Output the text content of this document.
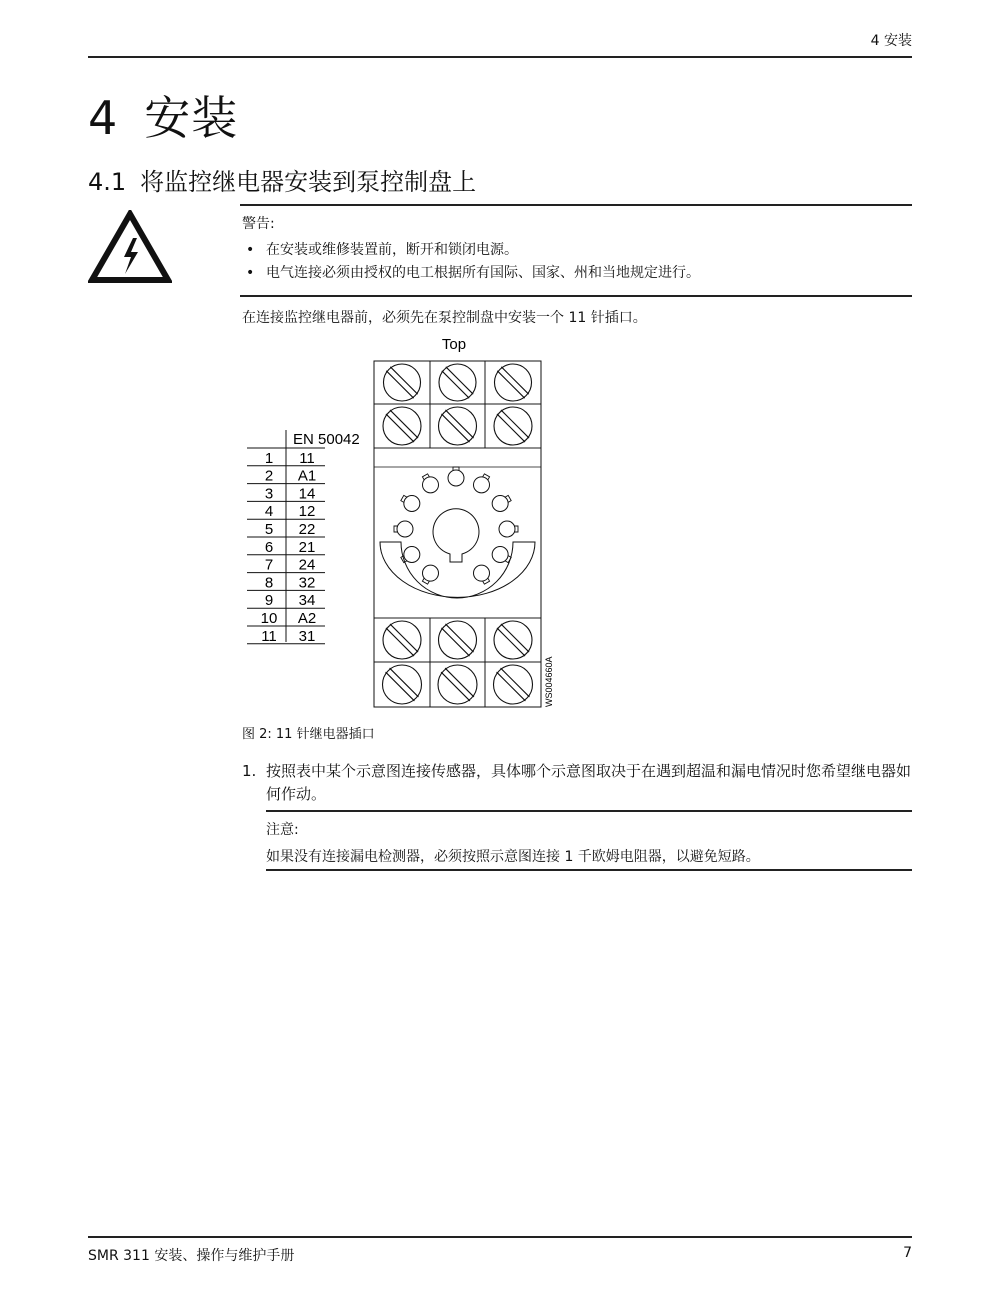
4 安装
4 安装
4.1 将监控继电器安装到泵控制盘上
警告:
• 在安装或维修装置前，断开和锁闭电源。
• 电气连接必须由授权的电工根据所有国际、国家、州和当地规定进行。

在连接监控继电器前，必须先在泵控制盘中安装一个 11 针插口。

Top
EN 50042
1 11
2 A1
3 14
4 12
5 22
6 21
7 24
8 32
9 34
10 A2
11 31
WS004660A
图 2: 11 针继电器插口
1. 按照表中某个示意图连接传感器，具体哪个示意图取决于在遇到超温和漏电情况时您希望继电器如何作动。
注意:
如果没有连接漏电检测器，必须按照示意图连接 1 千欧姆电阻器，以避免短路。
SMR 311 安装、操作与维护手册	7
